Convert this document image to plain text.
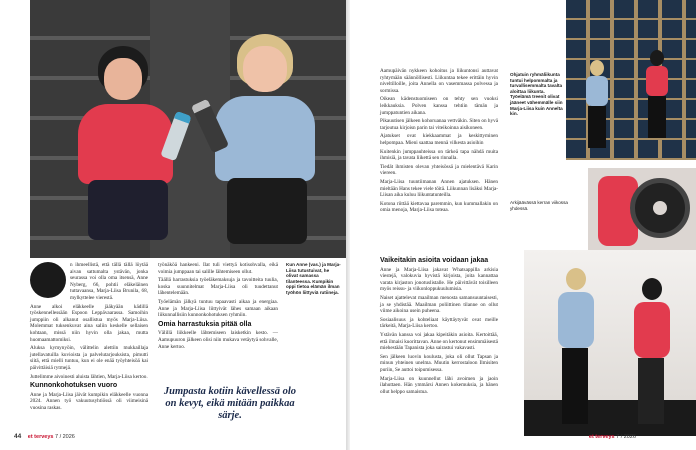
Kun Anne (vas.) ja Marja-Liisa tutustuivat, he olivat samassa tilanteessa. Kumpikin oppi tietoa elämän ilman työhön liittyviä rutiineja.

n ihmeellistä, että tällä tällä löytää aivan sattumalta ystävän, jonka seurassa voi olla oma itsensä, Anne Nyberg, 66, pohtii eläkeläinen tuttavaansa, Marja-Liisa Brunila, 68, mylkyttelee vierestä.

Anne alkoi eläkkeelle jääkyään kädillä työskennellessään Espoon Leppävaarassa. Samoihin jumppiin oli alkanut osallistua myös Marja-Liisa. Molemmat tuksenkuvat aina saliin keskelle sellaisen kohtaan, missä niin hyvin olla jakaa, mutta huomaamattomiksi.

Aluksa kymynyöin, välittelin alettiin mukkaillaja jutellavatuilla kuvioista ja palvelutarjouksista, pimutti siitä, että mielli tuntuu, kun ei ole enää työyhteisöä kai päivittäisiä rytmejä.

Juttelimme aivoinesti aluista lähtien, Marja-Liisa kertoo.

Kunnonkohotuksen vuoro

Anne ja Marja-Liisa jäivät kumpikin eläkkeelle vuonna 2024. Annen työ vakuutusyhtiössä oli viimeisinä vuosina raskas.

työnäköä hankeeni. Ilat tuli viettyä kotisohvalla, eikä voimia jumppaan tai salille lähtemiseen ollut.

Täällä harrastuksia työeläkemaksuja ja tavoitteita tuulia, koska suunnitelmat Marja-Liisa oli tuudettanut lähentelemään.

Työelämän jälkyä tuntuu tapaavasti aikaa ja energiaa. Anne ja Marja-Liisa liittyivät lähes samaan aikaan liikunnallisiin kunnonkohotuksen ryhmiin.

Omia harrastuksia pitää olla

Välillä liikkeelle lähtemiseen laisketkin kesto. — Aamupuuron jälkeen olisi niin mukava vetäytyä sohvalle, Anne kertoo.

Jumpasta kotiin kävellessä olo on kevyt, eikä mitään paikkaa särje.
44 et terveys 7 / 2026

Aamupäivän nykkeen kohoitus ja liikuntonsi auttavat ryhtymään säännöllisesti. Liikuntaa tekee erittäin hyvin niveltilloille, joita Annella on vasemmassa polvessa ja sormissa.

Oikean kädenstuomiseen on tehty sen vuoksi leikkauksia. Polven kanssa tehtiin tämän ja jumppatuntien aikana.

Pikauutisen jälkeen kohoruanaa vettväkin. Siten on hyvä tarjoutua kirjoisn parin tai viteikoinna aisikoneen.

Ajatukset ovat kiekkaammat ja keskittyminen helpompaa. Mieni saattaa mennä vilkesta asioihin

Kuitenkin jumppauhteissa on tärkeä tapa nähdä muita ihmisiä, ja tavata liikettä sen rinnalla.

Tiedät ihmisten olevan yhteisössä ja mielentävä Karin viereen.

Marja-Liisa tuuntiimanan Annen ajatuksen. Hänen mieltään Hans tekee viele töitä. Liikunnan lisäksi Marja-Liisan aika kuluu liikuntatunteilla.

Kotona riittää kiettavaa paremmin, kun kummallakin on omia menoja, Marja-Liisa toteaa.

Vaikeitakin asioita voidaan jakaa

Anne ja Marja-Liisa jakavat Whatsappilla arkisia viestejä, valokuvia hyvistä kirjoista, joita kannattaa varata kirjaston jonotuslistalle. He päivittävät toisilleen myös reissu- ja viikonloppukuulumisia.

Naiset ajattelevat maailman menosta samansuuntaisesti, ja se yhdistää. Maailman poliittinen tilanne on ollut viime aikoina usein puheena.

Sosiaalisuus ja kohteliaat käyttäytyvät ovat meille tärkeitä, Marja-Liisa kertoo.

Ystävän kanssa voi jakaa kipeitäkin asioita. Kertoittää, että ilmaisi kuorittavan. Anne on kertonut ensimmäisestä miehestään Tapanista joka sairastui vakavasti.

Sen jälkeen luovin koulusta, joka oli ollut Tapsan ja minun yhteinen unelma. Muutin kerrostaloon Ilmisiten puriin, Se auttoi toipumisessa.

Marja-Liisa on kuunnellut lähi avoimen ja jaoin ilahuttaen. Hän ymmärsi Annen kokemuksia, ja hänen ollut helppo samaistua.

Ohjatuin ryhmäliikunta tuntui helpommalta ja turvallisemmalta tavalta aloittaa liikunta. Työelämä treenit olivat jääneet vähemmälle siin Marja-Liisa kuin Annelta kin.
Arkijäävässä kerran viikossa yhdessä.
et terveys 7 / 2026
